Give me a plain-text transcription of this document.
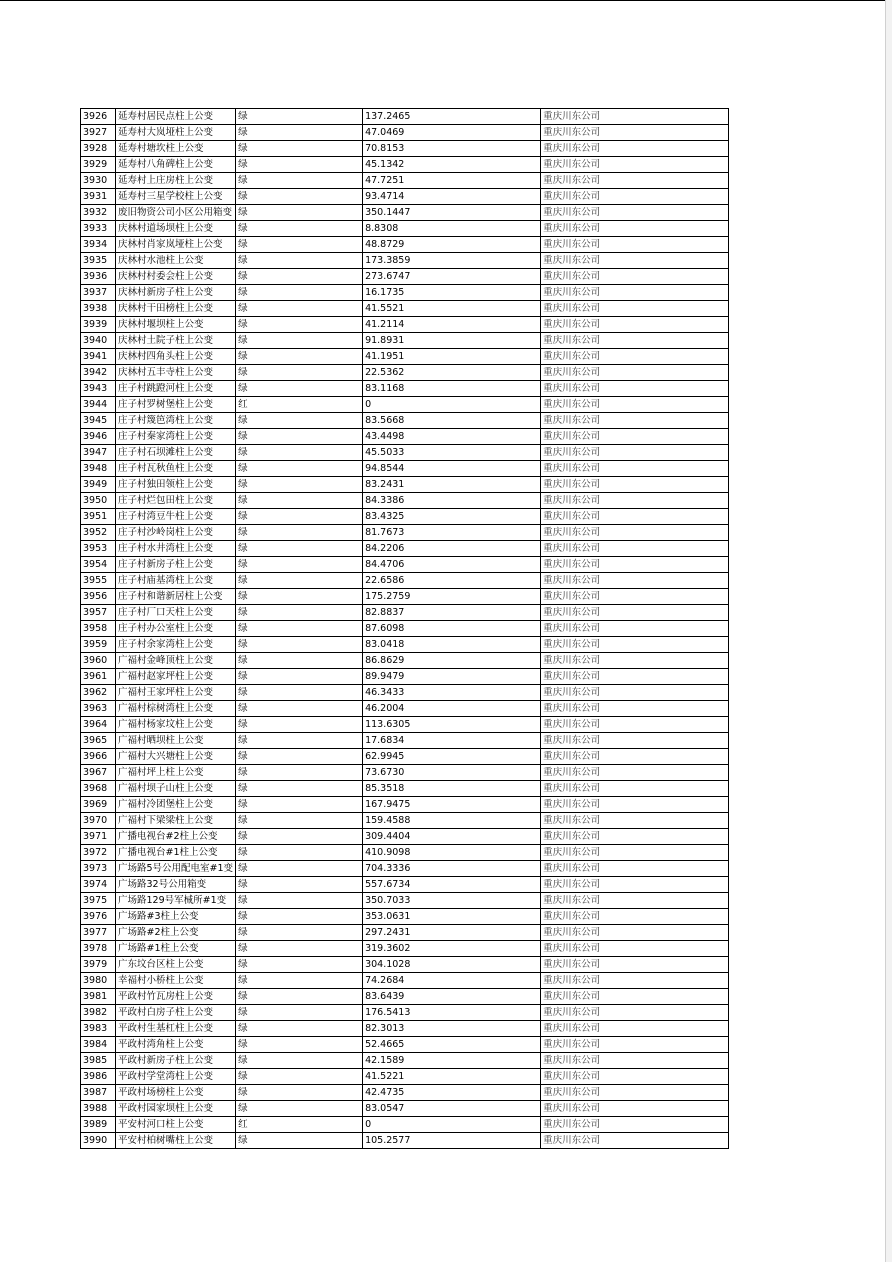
3926	延寿村居民点柱上公变	绿	137.2465	重庆川东公司
3927	延寿村大岚垭柱上公变	绿	47.0469	重庆川东公司
3928	延寿村塘坎柱上公变	绿	70.8153	重庆川东公司
3929	延寿村八角碑柱上公变	绿	45.1342	重庆川东公司
3930	延寿村上庄房柱上公变	绿	47.7251	重庆川东公司
3931	延寿村三星学校柱上公变	绿	93.4714	重庆川东公司
3932	废旧物资公司小区公用箱变	绿	350.1447	重庆川东公司
3933	庆林村道场坝柱上公变	绿	8.8308	重庆川东公司
3934	庆林村肖家岚垭柱上公变	绿	48.8729	重庆川东公司
3935	庆林村水池柱上公变	绿	173.3859	重庆川东公司
3936	庆林村村委会柱上公变	绿	273.6747	重庆川东公司
3937	庆林村新房子柱上公变	绿	16.1735	重庆川东公司
3938	庆林村干田榜柱上公变	绿	41.5521	重庆川东公司
3939	庆林村堰坝柱上公变	绿	41.2114	重庆川东公司
3940	庆林村土院子柱上公变	绿	91.8931	重庆川东公司
3941	庆林村四角头柱上公变	绿	41.1951	重庆川东公司
3942	庆林村五丰寺柱上公变	绿	22.5362	重庆川东公司
3943	庄子村跳蹬河柱上公变	绿	83.1168	重庆川东公司
3944	庄子村罗树堡柱上公变	红	0	重庆川东公司
3945	庄子村篾笆湾柱上公变	绿	83.5668	重庆川东公司
3946	庄子村秦家湾柱上公变	绿	43.4498	重庆川东公司
3947	庄子村石坝滩柱上公变	绿	45.5033	重庆川东公司
3948	庄子村瓦秋鱼柱上公变	绿	94.8544	重庆川东公司
3949	庄子村独田领柱上公变	绿	83.2431	重庆川东公司
3950	庄子村烂包田柱上公变	绿	84.3386	重庆川东公司
3951	庄子村湾豆牛柱上公变	绿	83.4325	重庆川东公司
3952	庄子村沙岭岗柱上公变	绿	81.7673	重庆川东公司
3953	庄子村水井湾柱上公变	绿	84.2206	重庆川东公司
3954	庄子村新房子柱上公变	绿	84.4706	重庆川东公司
3955	庄子村庙基湾柱上公变	绿	22.6586	重庆川东公司
3956	庄子村和谐新居柱上公变	绿	175.2759	重庆川东公司
3957	庄子村厂口天柱上公变	绿	82.8837	重庆川东公司
3958	庄子村办公室柱上公变	绿	87.6098	重庆川东公司
3959	庄子村余家湾柱上公变	绿	83.0418	重庆川东公司
3960	广福村金峰顶柱上公变	绿	86.8629	重庆川东公司
3961	广福村赵家坪柱上公变	绿	89.9479	重庆川东公司
3962	广福村王家坪柱上公变	绿	46.3433	重庆川东公司
3963	广福村棕树湾柱上公变	绿	46.2004	重庆川东公司
3964	广福村杨家坟柱上公变	绿	113.6305	重庆川东公司
3965	广福村晒坝柱上公变	绿	17.6834	重庆川东公司
3966	广福村大兴塘柱上公变	绿	62.9945	重庆川东公司
3967	广福村坪上柱上公变	绿	73.6730	重庆川东公司
3968	广福村坝子山柱上公变	绿	85.3518	重庆川东公司
3969	广福村冷团堡柱上公变	绿	167.9475	重庆川东公司
3970	广福村下梁梁柱上公变	绿	159.4588	重庆川东公司
3971	广播电视台#2柱上公变	绿	309.4404	重庆川东公司
3972	广播电视台#1柱上公变	绿	410.9098	重庆川东公司
3973	广场路5号公用配电室#1变	绿	704.3336	重庆川东公司
3974	广场路32号公用箱变	绿	557.6734	重庆川东公司
3975	广场路129号军械所#1变	绿	350.7033	重庆川东公司
3976	广场路#3柱上公变	绿	353.0631	重庆川东公司
3977	广场路#2柱上公变	绿	297.2431	重庆川东公司
3978	广场路#1柱上公变	绿	319.3602	重庆川东公司
3979	广东坟台区柱上公变	绿	304.1028	重庆川东公司
3980	幸福村小桥柱上公变	绿	74.2684	重庆川东公司
3981	平政村竹瓦房柱上公变	绿	83.6439	重庆川东公司
3982	平政村白房子柱上公变	绿	176.5413	重庆川东公司
3983	平政村生基杠柱上公变	绿	82.3013	重庆川东公司
3984	平政村湾角柱上公变	绿	52.4665	重庆川东公司
3985	平政村新房子柱上公变	绿	42.1589	重庆川东公司
3986	平政村学堂湾柱上公变	绿	41.5221	重庆川东公司
3987	平政村场榜柱上公变	绿	42.4735	重庆川东公司
3988	平政村园家坝柱上公变	绿	83.0547	重庆川东公司
3989	平安村河口柱上公变	红	0	重庆川东公司
3990	平安村柏树嘴柱上公变	绿	105.2577	重庆川东公司
